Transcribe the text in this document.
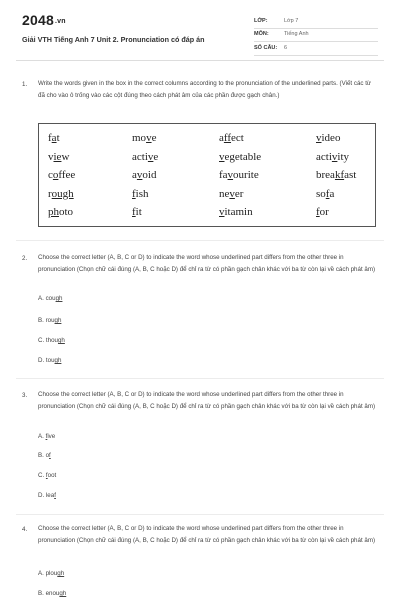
2048.vn
Giải VTH Tiếng Anh 7 Unit 2. Pronunciation có đáp án
LỚP:	Lớp 7
MÔN:	Tiếng Anh
SỐ CÂU: 6
1. Write the words given in the box in the correct columns according to the pronunciation of the underlined parts. (Viết các từ đã cho vào ô trống vào các cột đúng theo cách phát âm của các phần được gạch chân.)
fat
view
coffee
rough
photo
move
active
avoid
fish
fit
affect
vegetable
favourite
never
vitamin
video
activity
breakfast
sofa
for
2. Choose the correct letter (A, B, C or D) to indicate the word whose underlined part differs from the other three in pronunciation (Chọn chữ cái đúng (A, B, C hoặc D) để chỉ ra từ có phần gạch chân khác với ba từ còn lại về cách phát âm)
3. Choose the correct letter (A, B, C or D) to indicate the word whose underlined part differs from the other three in pronunciation (Chọn chữ cái đúng (A, B, C hoặc D) để chỉ ra từ có phần gạch chân khác với ba từ còn lại về cách phát âm)
4. Choose the correct letter (A, B, C or D) to indicate the word whose underlined part differs from the other three in pronunciation (Chọn chữ cái đúng (A, B, C hoặc D) để chỉ ra từ có phần gạch chân khác với ba từ còn lại về cách phát âm)
A. cough
B. rough
C. though
D. tough
A. five
B. of
C. foot
D. leaf
A. plough
B. enough
